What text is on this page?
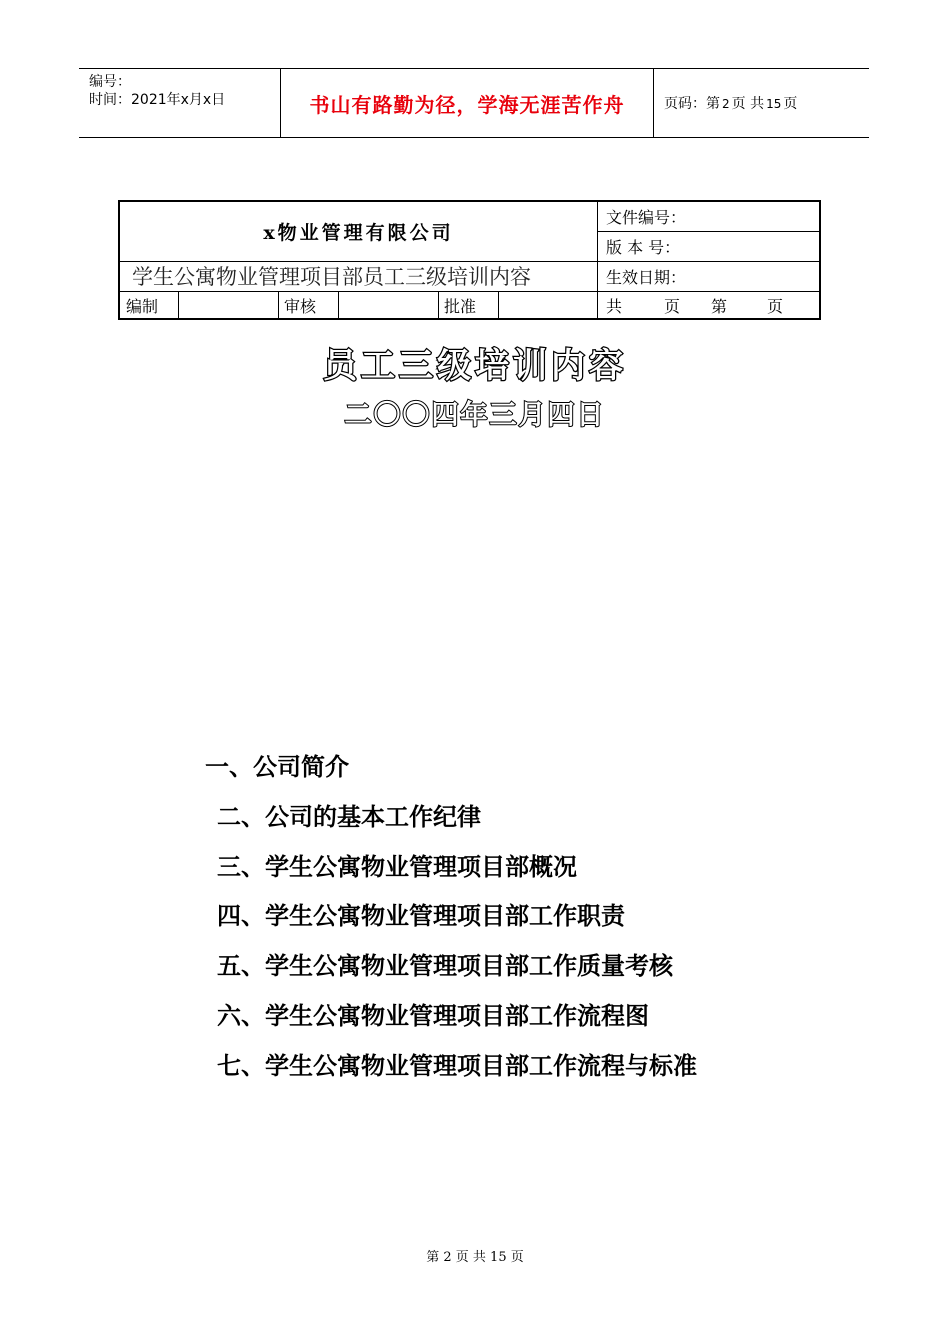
编号：
时间：2021年x月x日	书山有路勤为径，学海无涯苦作舟	页码：第 2 页 共 15 页
x物业管理有限公司
学生公寓物业管理项目部员工三级培训内容
文件编号：
版 本 号：
生效日期：
编制	审核	批准	共	页	第	页
员工三级培训内容
二〇〇四年三月四日
一、公司简介
二、公司的基本工作纪律
三、学生公寓物业管理项目部概况
四、学生公寓物业管理项目部工作职责
五、学生公寓物业管理项目部工作质量考核
六、学生公寓物业管理项目部工作流程图
七、学生公寓物业管理项目部工作流程与标准
第 2 页 共 15 页
